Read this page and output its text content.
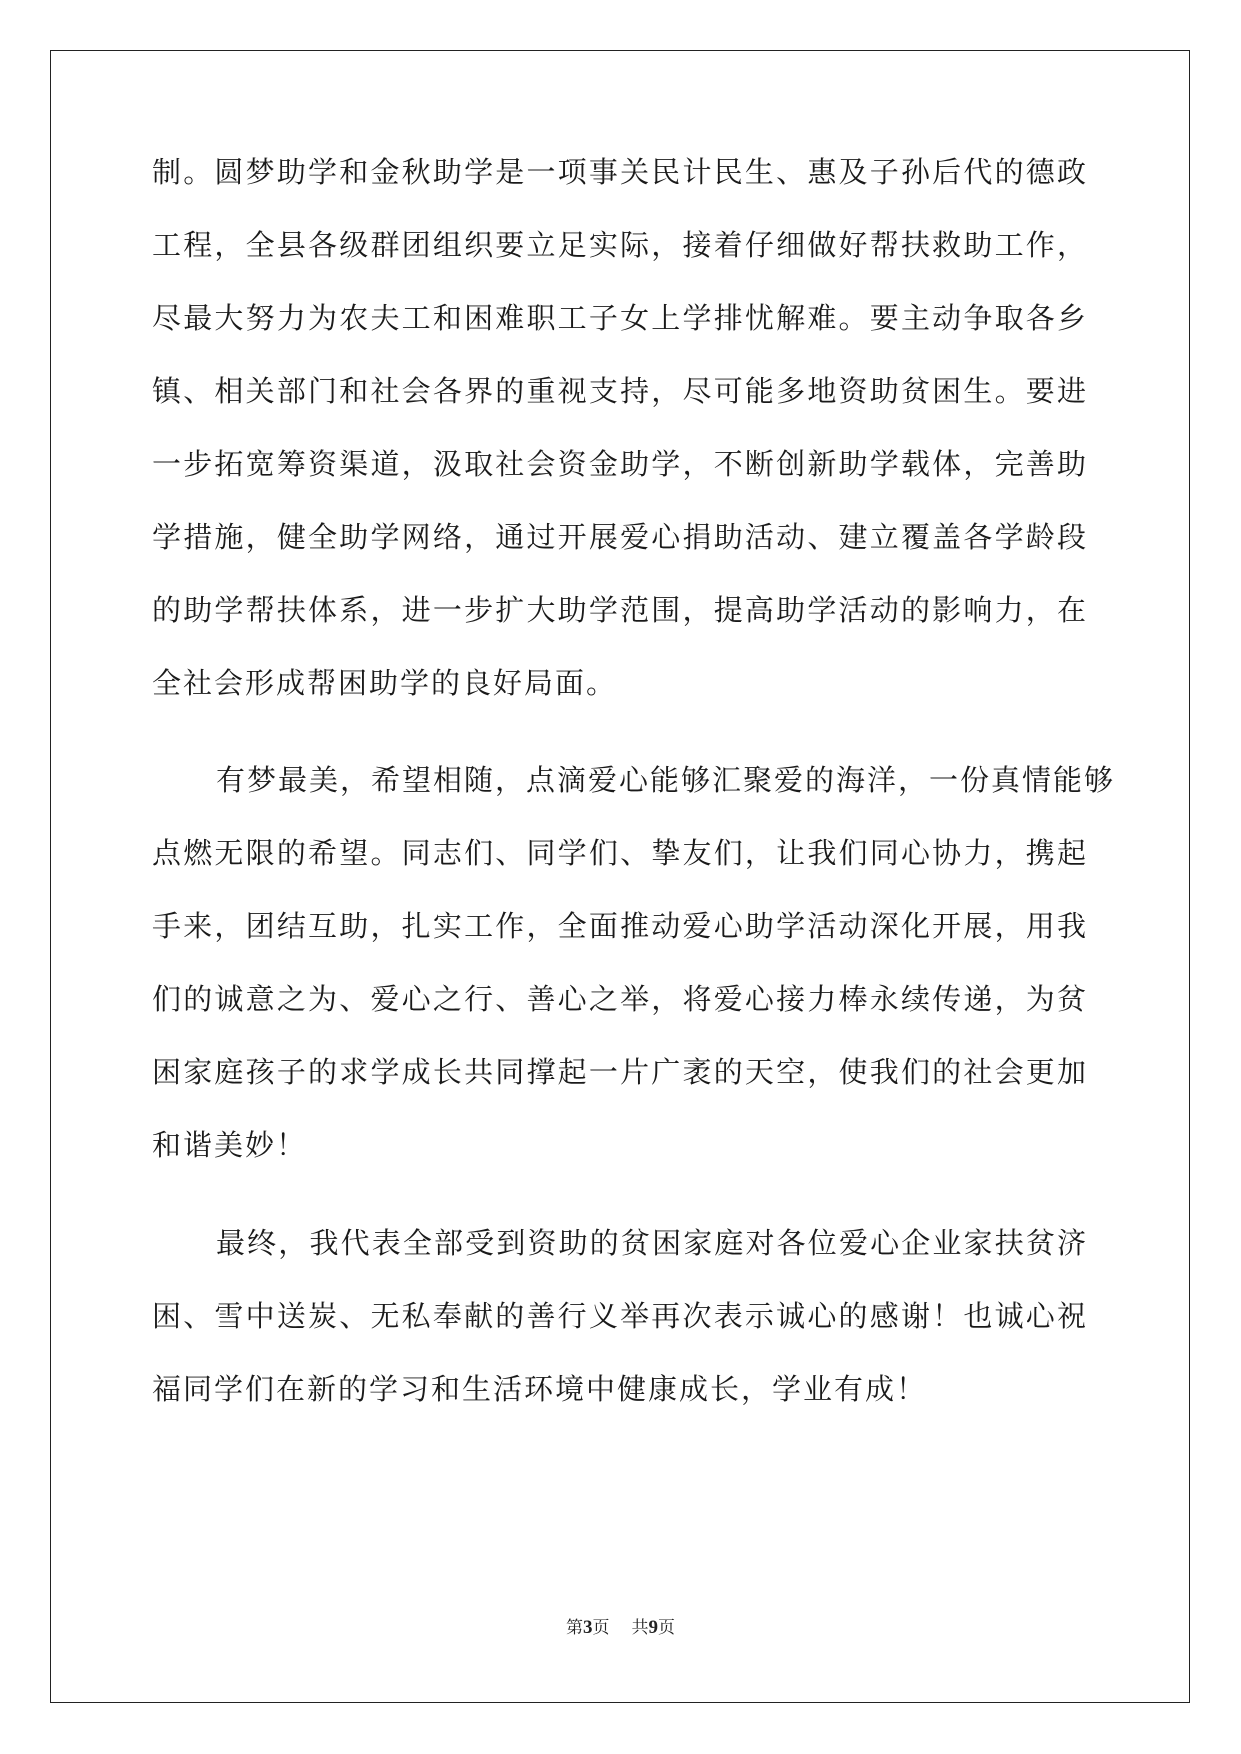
制。圆梦助学和金秋助学是一项事关民计民生、惠及子孙后代的德政
工程，全县各级群团组织要立足实际，接着仔细做好帮扶救助工作，
尽最大努力为农夫工和困难职工子女上学排忧解难。要主动争取各乡
镇、相关部门和社会各界的重视支持，尽可能多地资助贫困生。要进
一步拓宽筹资渠道，汲取社会资金助学，不断创新助学载体，完善助
学措施，健全助学网络，通过开展爱心捐助活动、建立覆盖各学龄段
的助学帮扶体系，进一步扩大助学范围，提高助学活动的影响力，在
全社会形成帮困助学的良好局面。
有梦最美，希望相随，点滴爱心能够汇聚爱的海洋，一份真情能够
点燃无限的希望。同志们、同学们、挚友们，让我们同心协力，携起
手来，团结互助，扎实工作，全面推动爱心助学活动深化开展，用我
们的诚意之为、爱心之行、善心之举，将爱心接力棒永续传递，为贫
困家庭孩子的求学成长共同撑起一片广袤的天空，使我们的社会更加
和谐美妙！
最终，我代表全部受到资助的贫困家庭对各位爱心企业家扶贫济
困、雪中送炭、无私奉献的善行义举再次表示诚心的感谢！也诚心祝
福同学们在新的学习和生活环境中健康成长，学业有成！
第3页 共9页
